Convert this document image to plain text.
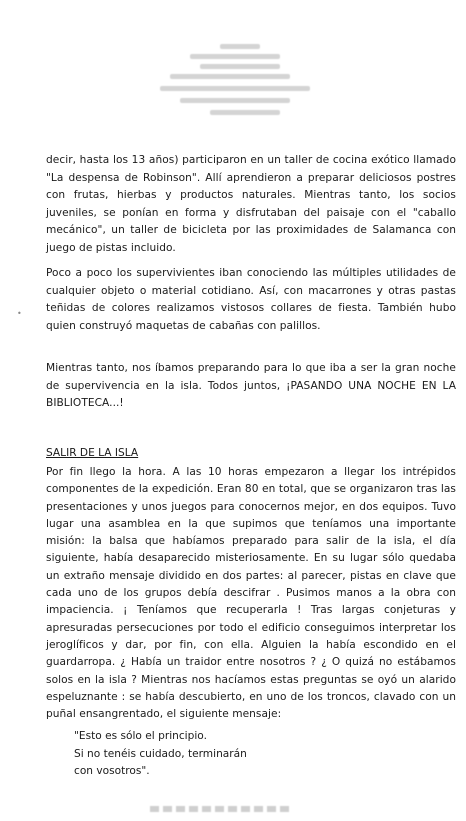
decir, hasta los 13 años) participaron en un taller de cocina exótico llamado "La despensa de Robinson". Allí aprendieron a preparar deliciosos postres con frutas, hierbas y productos naturales. Mientras tanto, los socios juveniles, se ponían en forma y disfrutaban del paisaje con el "caballo mecánico", un taller de bicicleta por las proximidades de Salamanca con juego de pistas incluido.
•
Poco a poco los supervivientes iban conociendo las múltiples utilidades de cualquier objeto o material cotidiano. Así, con macarrones y otras pastas teñidas de colores realizamos vistosos collares de fiesta. También hubo quien construyó maquetas de cabañas con palillos.
Mientras tanto, nos íbamos preparando para lo que iba a ser la gran noche de supervivencia en la isla. Todos juntos, ¡PASANDO UNA NOCHE EN LA BIBLIOTECA...!
SALIR DE LA ISLA
Por fin llego la hora. A las 10 horas empezaron a llegar los intrépidos componentes de la expedición. Eran 80 en total, que se organizaron tras las presentaciones y unos juegos para conocernos mejor, en dos equipos. Tuvo lugar una asamblea en la que supimos que teníamos una importante misión: la balsa que habíamos preparado para salir de la isla, el día siguiente, había desaparecido misteriosamente. En su lugar sólo quedaba un extraño mensaje dividido en dos partes: al parecer, pistas en clave que cada uno de los grupos debía descifrar . Pusimos manos a la obra con impaciencia. ¡ Teníamos que recuperarla ! Tras largas conjeturas y apresuradas persecuciones por todo el edificio conseguimos interpretar los jeroglíficos y dar, por fin, con ella. Alguien la había escondido en el guardarropa. ¿ Había un traidor entre nosotros ? ¿ O quizá no estábamos solos en la isla ? Mientras nos hacíamos estas preguntas se oyó un alarido espeluznante : se había descubierto, en uno de los troncos, clavado con un puñal ensangrentado, el siguiente mensaje:
"Esto es sólo el principio.
Si no tenéis cuidado, terminarán
con vosotros".
